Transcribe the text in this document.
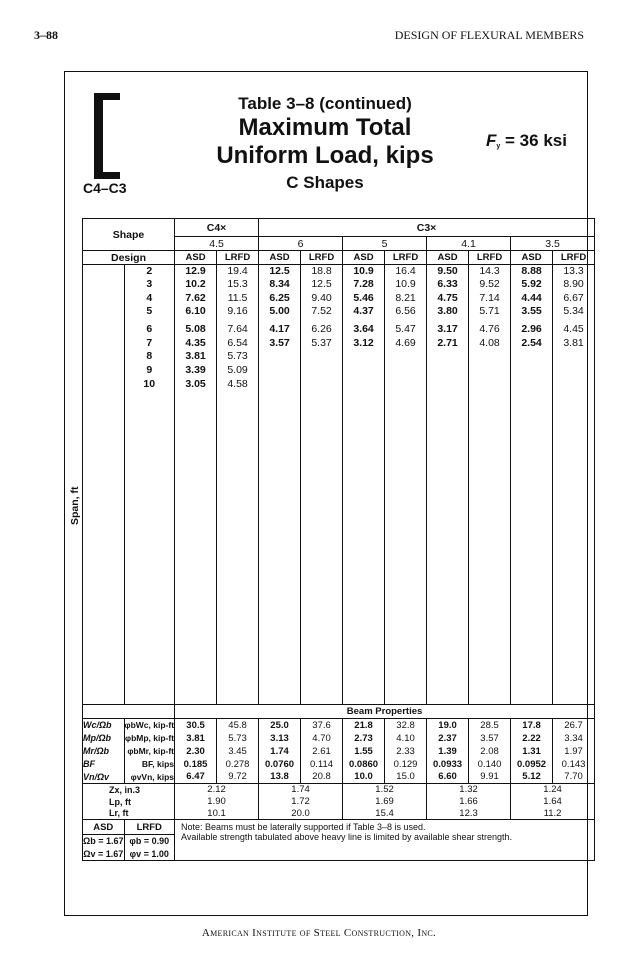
3–88	DESIGN OF FLEXURAL MEMBERS
C4–C3
Table 3–8 (continued)
Maximum Total
Uniform Load, kips
C Shapes
$F_y = 36$ ksi
Span, ft
Shape		C4×		C3×							
		4.5		6		5		4.1		3.5	
Design		ASD	LRFD	ASD	LRFD	ASD	LRFD	ASD	LRFD	ASD	LRFD
	2	12.9	19.4	12.5	18.8	10.9	16.4	9.50	14.3	8.88	13.3
	3	10.2	15.3	8.34	12.5	7.28	10.9	6.33	9.52	5.92	8.90
	4	7.62	11.5	6.25	9.40	5.46	8.21	4.75	7.14	4.44	6.67
	5	6.10	9.16	5.00	7.52	4.37	6.56	3.80	5.71	3.55	5.34
	6	5.08	7.64	4.17	6.26	3.64	5.47	3.17	4.76	2.96	4.45
	7	4.35	6.54	3.57	5.37	3.12	4.69	2.71	4.08	2.54	3.81
	8	3.81	5.73								
	9	3.39	5.09								
	10	3.05	4.58								
		Beam Properties									
Wc/Ωb	φbWc, kip-ft	30.5	45.8	25.0	37.6	21.8	32.8	19.0	28.5	17.8	26.7
Mp/Ωb	φbMp, kip-ft	3.81	5.73	3.13	4.70	2.73	4.10	2.37	3.57	2.22	3.34
Mr/Ωb	φbMr, kip-ft	2.30	3.45	1.74	2.61	1.55	2.33	1.39	2.08	1.31	1.97
BF	BF, kips	0.185	0.278	0.0760	0.114	0.0860	0.129	0.0933	0.140	0.0952	0.143
Vn/Ωv	φvVn, kips	6.47	9.72	13.8	20.8	10.0	15.0	6.60	9.91	5.12	7.70
Zx, in.3		2.12		1.74		1.52		1.32		1.24	
Lp, ft		1.90		1.72		1.69		1.66		1.64	
Lr, ft		10.1		20.0		15.4		12.3		11.2	
ASD	LRFD	Note: Beams must be laterally supported if Table 3–8 is used.
Available strength tabulated above heavy line is limited by available shear strength.									

Ωb = 1.67	φb = 0.90										
Ωv = 1.67	φv = 1.00										
American Institute of Steel Construction, Inc.
